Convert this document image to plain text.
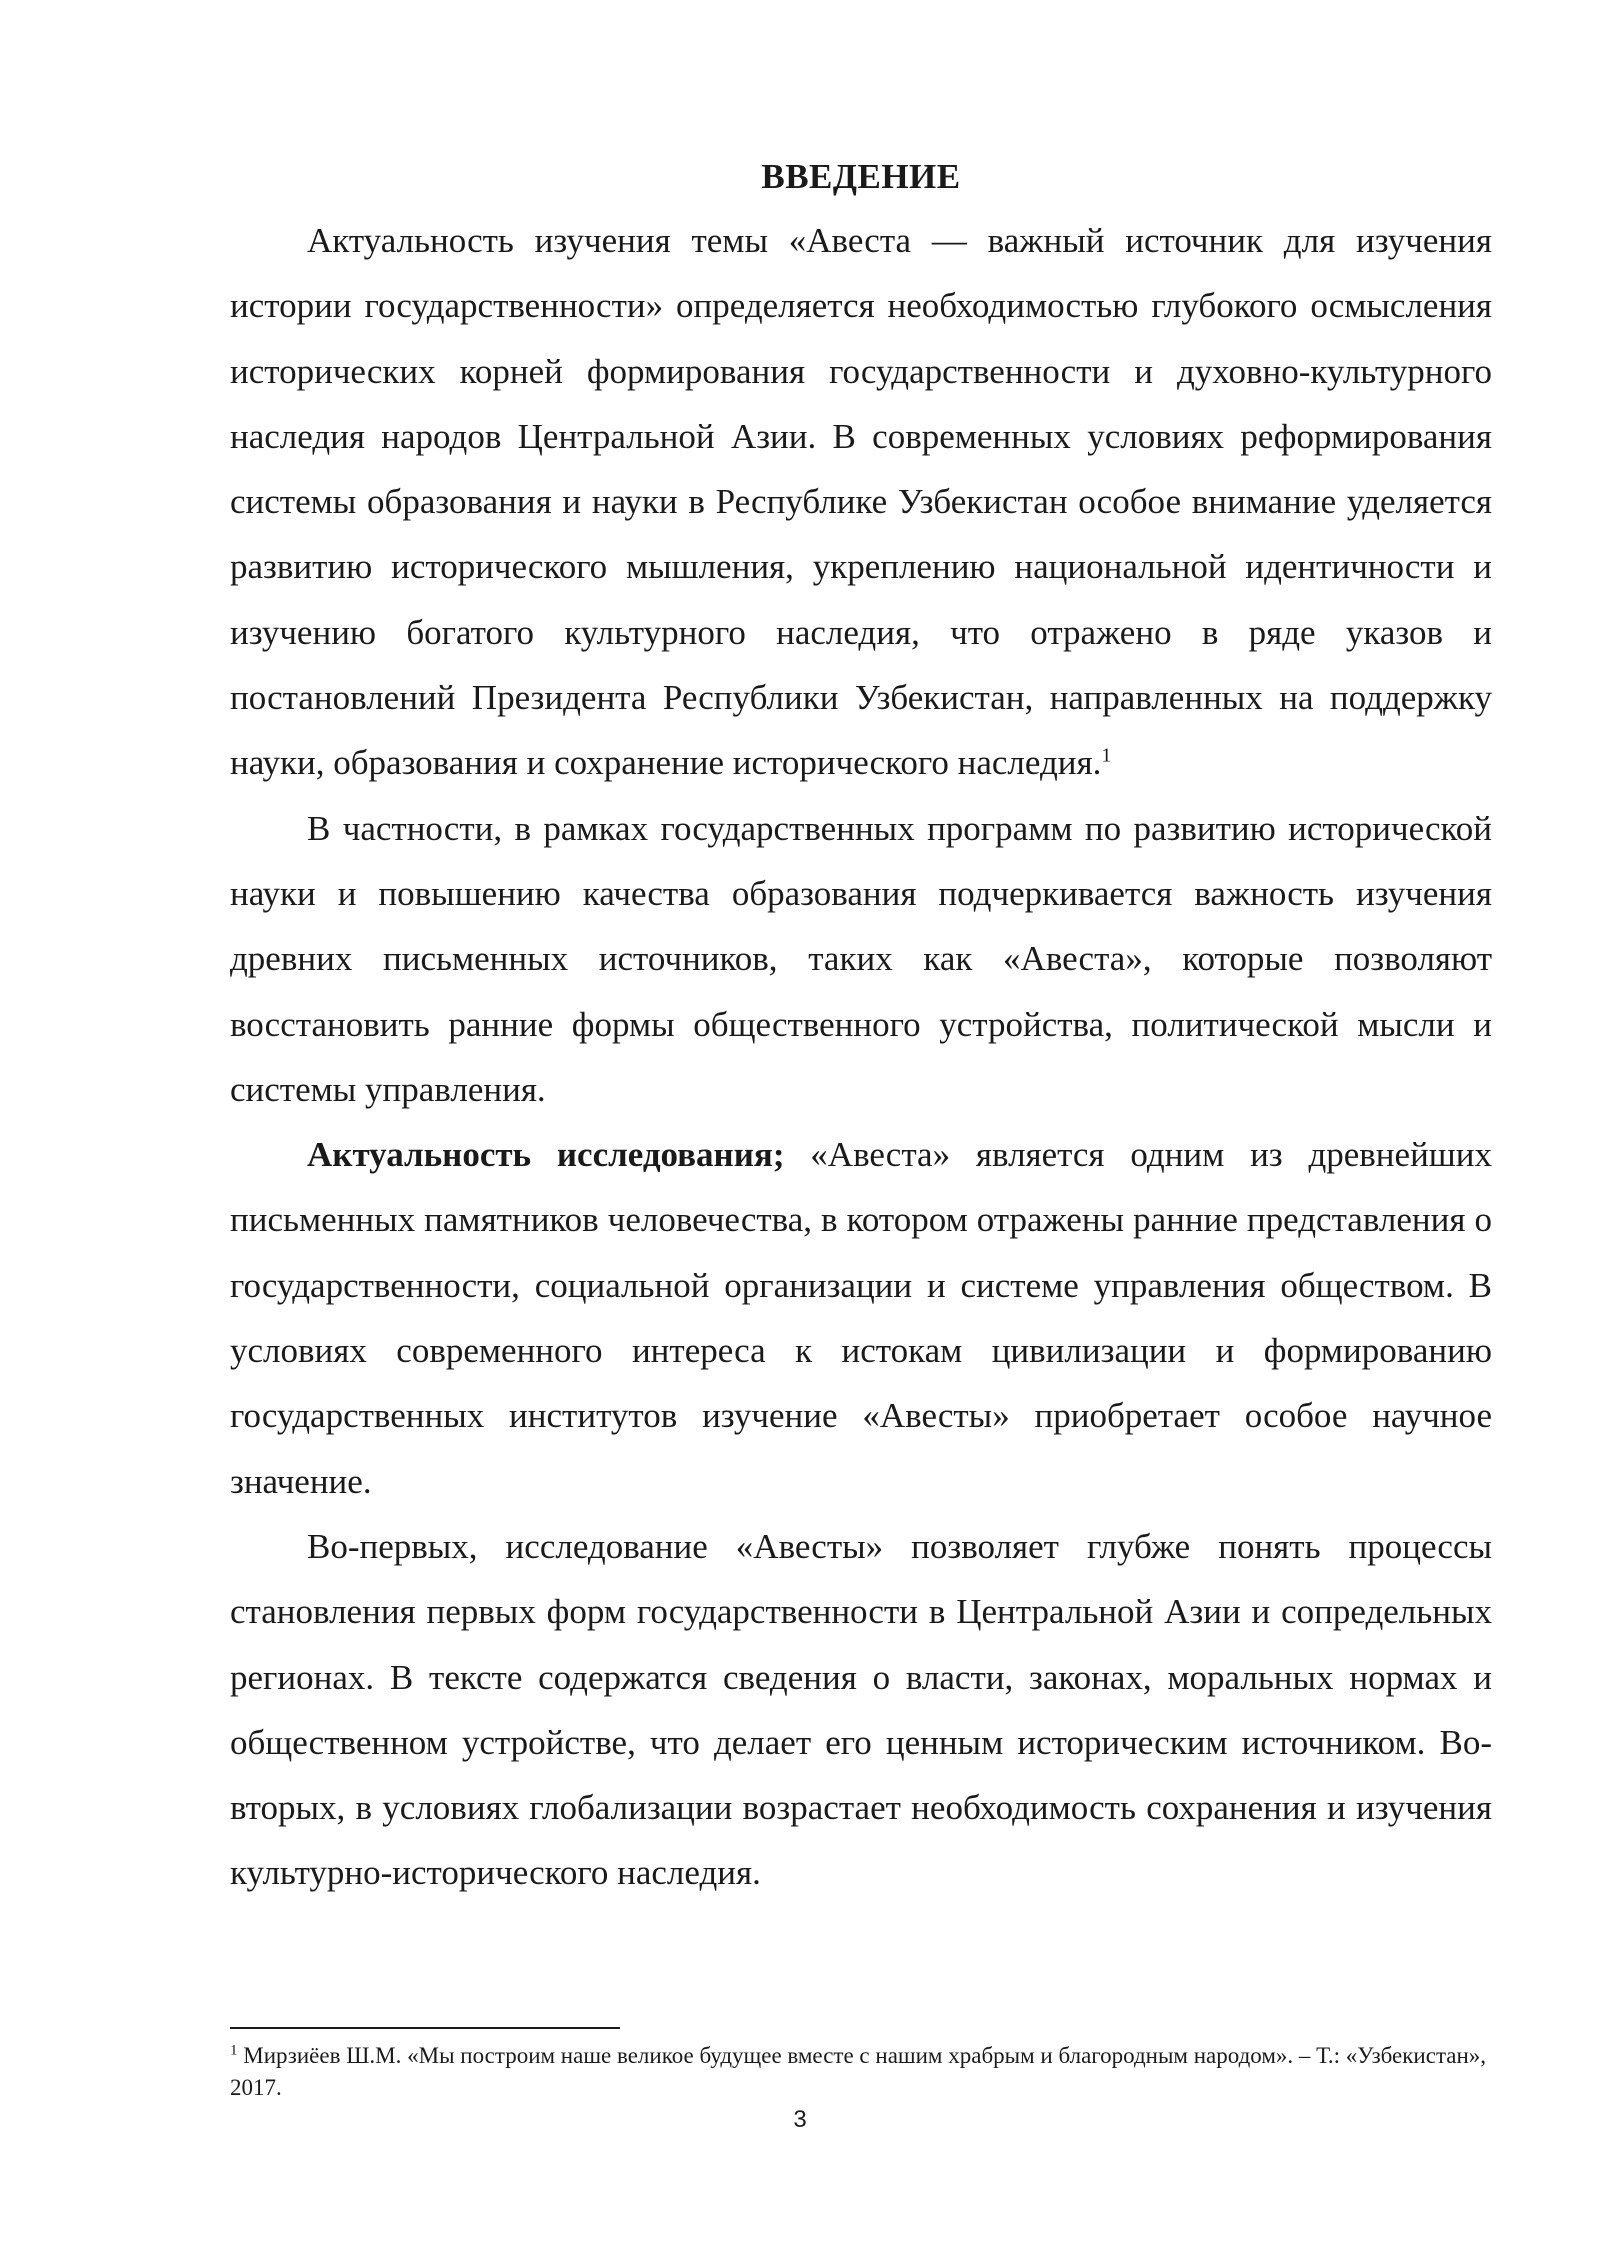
ВВЕДЕНИЕ

Актуальность изучения темы «Авеста — важный источник для изучения истории государственности» определяется необходимостью глубокого осмысления исторических корней формирования государственности и духовно-культурного наследия народов Центральной Азии. В современных условиях реформирования системы образования и науки в Республике Узбекистан особое внимание уделяется развитию исторического мышления, укреплению национальной идентичности и изучению богатого культурного наследия, что отражено в ряде указов и постановлений Президента Республики Узбекистан, направленных на поддержку науки, образования и сохранение исторического наследия.$^1$

В частности, в рамках государственных программ по развитию исторической науки и повышению качества образования подчеркивается важность изучения древних письменных источников, таких как «Авеста», которые позволяют восстановить ранние формы общественного устройства, политической мысли и системы управления.

Актуальность исследования; «Авеста» является одним из древнейших письменных памятников человечества, в котором отражены ранние представления о государственности, социальной организации и системе управления обществом. В условиях современного интереса к истокам цивилизации и формированию государственных институтов изучение «Авесты» приобретает особое научное значение.

Во-первых, исследование «Авесты» позволяет глубже понять процессы становления первых форм государственности в Центральной Азии и сопредельных регионах. В тексте содержатся сведения о власти, законах, моральных нормах и общественном устройстве, что делает его ценным историческим источником. Во-вторых, в условиях глобализации возрастает необходимость сохранения и изучения культурно-исторического наследия.

$^1$ Мирзиёев Ш.М. «Мы построим наше великое будущее вместе с нашим храбрым и благородным народом». – Т.: «Узбекистан», 2017.
3
